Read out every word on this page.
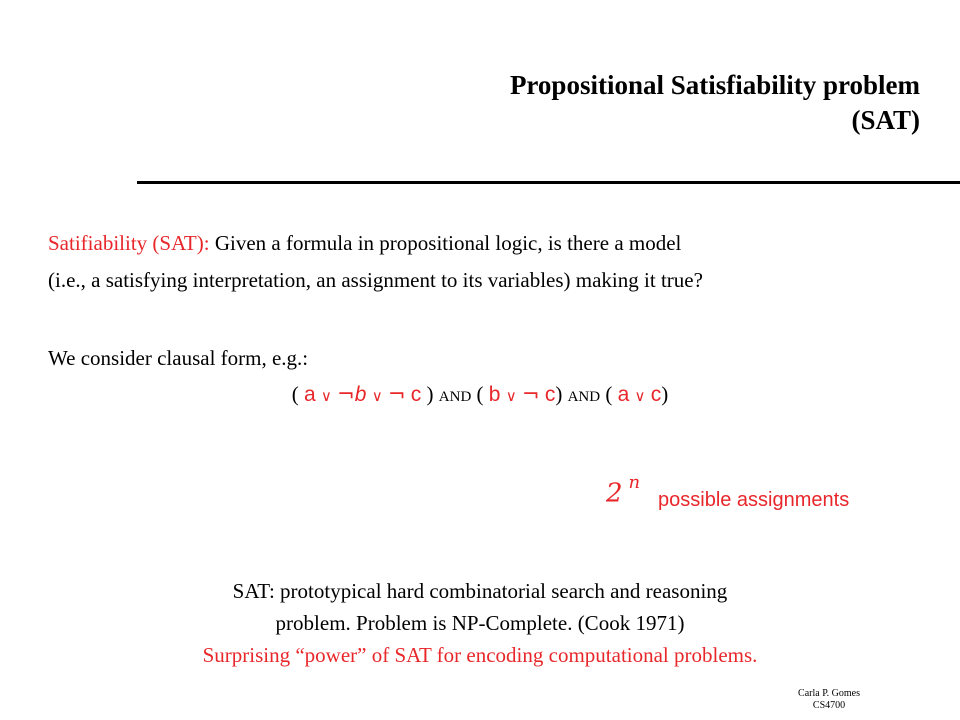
Propositional Satisfiability problem
(SAT)
Satifiability (SAT): Given a formula in propositional logic, is there a model
(i.e., a satisfying interpretation, an assignment to its variables) making it true?
We consider clausal form, e.g.:
( a ∨ ¬b ∨ ¬ c ) AND ( b ∨ ¬ c) AND ( a ∨ c)
2 $^n$
possible assignments
SAT: prototypical hard combinatorial search and reasoning
problem. Problem is NP-Complete. (Cook 1971)
Surprising “power” of SAT for encoding computational problems.
Carla P. Gomes
CS4700
